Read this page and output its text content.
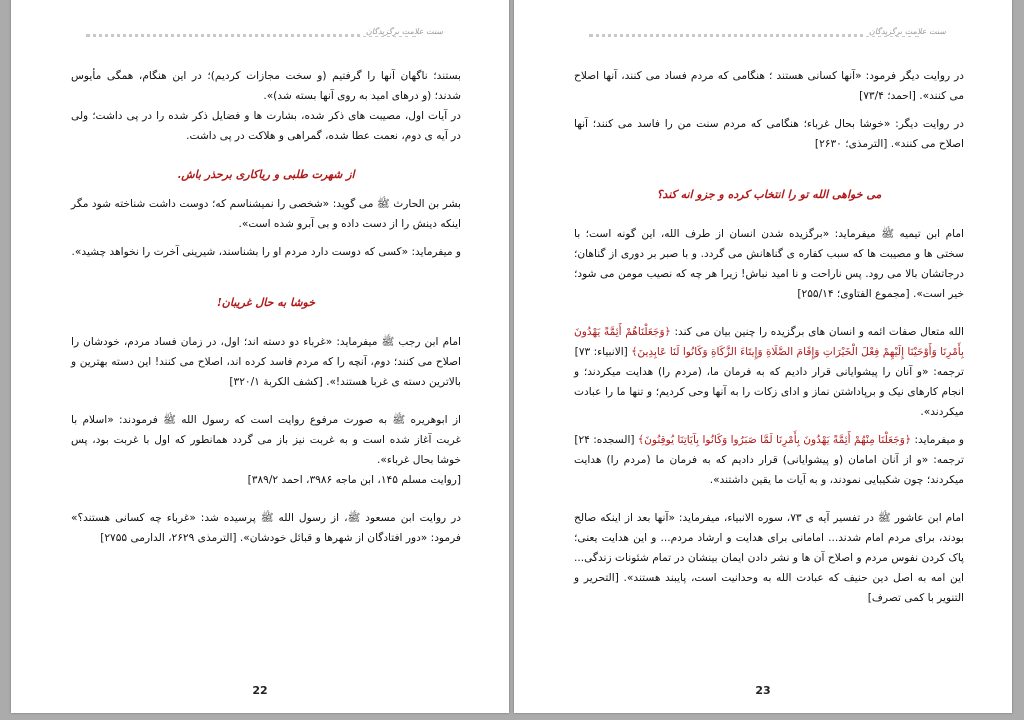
سنت علامت برگزیدگان

بستند؛ ناگهان آنها را گرفتیم (و سخت مجازات کردیم)؛ در این هنگام، همگی مأیوس شدند؛ (و درهای امید به روی آنها بسته شد)».

در آیات اول، مصیبت های ذکر شده، بشارت ها و فضایل ذکر شده را در پی داشت؛ ولی در آیه ی دوم، نعمت عطا شده، گمراهی و هلاکت در پی داشت.

از شهرت طلبی و ریاکاری برحذر باش.

بشر بن الحارث ﷺ می گوید: «شخصی را نمیشناسم که؛ دوست داشت شناخته شود مگر اینکه دینش را از دست داده و بی آبرو شده است».

و میفرماید: «کسی که دوست دارد مردم او را بشناسند، شیرینی آخرت را نخواهد چشید».

خوشا به حال غریبان!

امام ابن رجب ﷺ میفرماید: «غرباء دو دسته اند؛ اول، در زمان فساد مردم، خودشان را اصلاح می کنند؛ دوم، آنچه را که مردم فاسد کرده اند، اصلاح می کنند! این دسته بهترین و بالاترین دسته ی غربا هستند!». [کشف الکربة ۳۲۰/۱]

از ابوهریره ﷺ به صورت مرفوع روایت است که رسول الله ﷺ فرمودند: «اسلام با غربت آغاز شده است و به غربت نیز باز می گردد همانطور که اول با غربت بود، پس خوشا بحال غرباء».

[روایت مسلم ۱۴۵، ابن ماجه ۳۹۸۶، احمد ۳۸۹/۲]

در روایت ابن مسعود ﷺ، از رسول الله ﷺ پرسیده شد: «غرباء چه کسانی هستند؟» فرمود: «دور افتادگان از شهرها و قبائل خودشان». [الترمذی ۲۶۲۹، الدارمی ۲۷۵۵]

22
سنت علامت برگزیدگان

در روایت دیگر فرمود: «آنها کسانی هستند ؛ هنگامی که مردم فساد می کنند، آنها اصلاح می کنند». [احمد؛ ۷۳/۴]

در روایت دیگر: «خوشا بحال غرباء؛ هنگامی که مردم سنت من را فاسد می کنند؛ آنها اصلاح می کنند». [الترمذی؛ ۲۶۳۰]

می خواهی الله تو را انتخاب کرده و جزو انه کند؟

امام ابن تیمیه ﷺ میفرماید: «برگزیده شدن انسان از طرف الله، این گونه است؛ با سختی ها و مصیبت ها که سبب کفاره ی گناهانش می گردد. و با صبر بر دوری از گناهان؛ درجاتشان بالا می رود. پس ناراحت و نا امید نباش! زیرا هر چه که نصیب مومن می شود؛ خیر است». [مجموع الفتاوی؛ ۲۵۵/۱۴]

الله متعال صفات ائمه و انسان های برگزیده را چنین بیان می کند: ﴿وَجَعَلْنَاهُمْ أَئِمَّةً يَهْدُونَ بِأَمْرِنَا وَأَوْحَيْنَا إِلَيْهِمْ فِعْلَ الْخَيْرَاتِ وَإِقَامَ الصَّلَاةِ وَإِيتَاءَ الزَّكَاةِ وَكَانُوا لَنَا عَابِدِينَ﴾ [الانبیاء: ۷۳]

ترجمه: «و آنان را پیشوایانی قرار دادیم که به فرمان ما، (مردم را) هدایت میکردند؛ و انجام کارهای نیک و برپاداشتن نماز و ادای زکات را به آنها وحی کردیم؛ و تنها ما را عبادت میکردند».

و میفرماید: ﴿وَجَعَلْنَا مِنْهُمْ أَئِمَّةً يَهْدُونَ بِأَمْرِنَا لَمَّا صَبَرُوا وَكَانُوا بِآيَاتِنَا يُوقِنُونَ﴾ [السجده: ۲۴]

ترجمه: «و از آنان امامان (و پیشوایانی) قرار دادیم که به فرمان ما (مردم را) هدایت میکردند؛ چون شکیبایی نمودند، و به آیات ما یقین داشتند».

امام ابن عاشور ﷺ در تفسیر آیه ی ۷۳، سوره الانبیاء، میفرماید: «آنها بعد از اینکه صالح بودند، برای مردم امام شدند... امامانی برای هدایت و ارشاد مردم... و این هدایت یعنی؛ پاک کردن نفوس مردم و اصلاح آن ها و نشر دادن ایمان بینشان در تمام شئونات زندگی... این امه به اصل دین حنیف که عبادت الله به وحدانیت است، پایبند هستند». [التحریر و التنویر با کمی تصرف]

23
